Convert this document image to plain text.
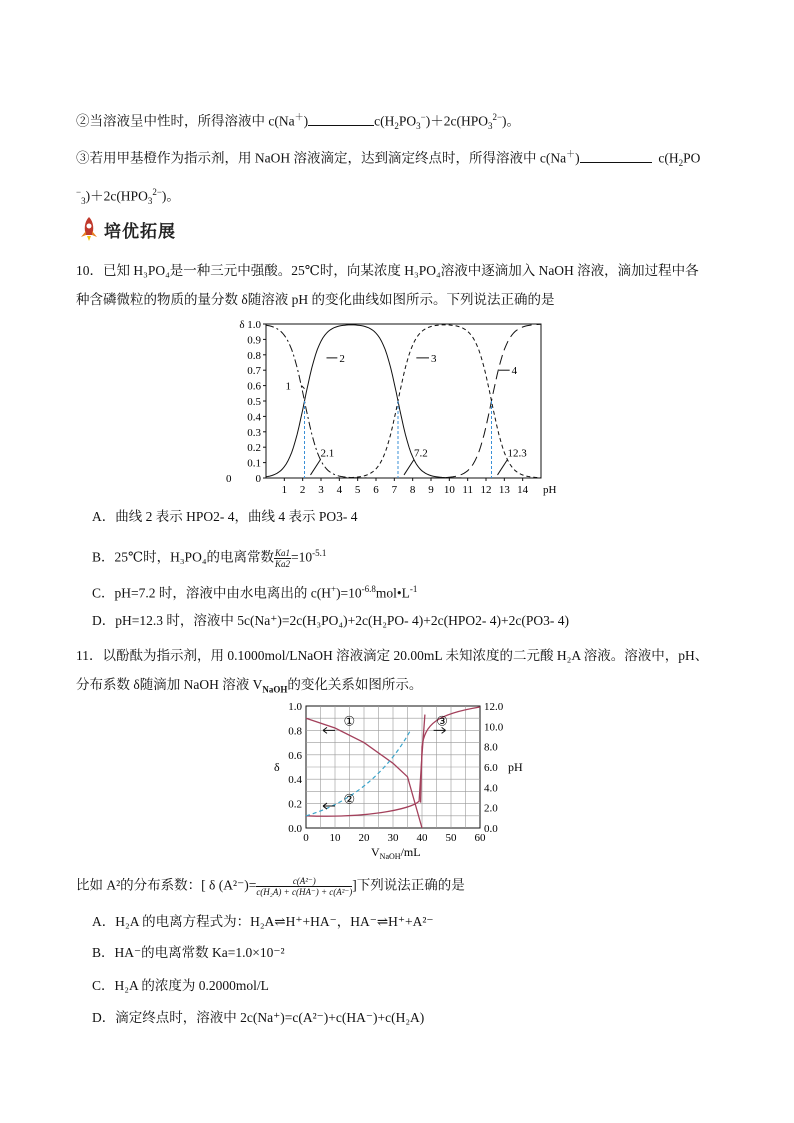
②当溶液呈中性时，所得溶液中 c(Na＋)	$c(H_2PO_3^-)+2c(HPO_3^{2-})$。
③若用甲基橙作为指示剂，用 NaOH 溶液滴定，达到滴定终点时，所得溶液中 c(Na＋)	$c(H_2PO$
$^-_3)+2c(HPO_3^{2-})$。
培优拓展
10．已知 H₃PO₄是一种三元中强酸。25℃时，向某浓度 H₃PO₄溶液中逐滴加入 NaOH 溶液，滴加过程中各
种含磷微粒的物质的量分数 δ随溶液 pH 的变化曲线如图所示。下列说法正确的是
0
0.1
0.2
0.3
0.4
0.5
0.6
0.7
0.8
0.9
δ 1.0
1 2 3 4 5 6 7 8 9 10 11 12 13 14
0
pH
2.1	7.2	12.3
1
2	3
4
A．曲线 2 表示 HPO2- 4，曲线 4 表示 PO3- 4
B．25℃时，H₃PO₄的电离常数 $\frac{Ka1}{Ka2}=10^{-5.1}$
C．pH=7.2 时，溶液中由水电离出的 $c(H^+)=10^{-6.8}mol•L^{-1}$
D．pH=12.3 时，溶液中 5c(Na⁺)=2c(H₃PO₄)+2c(H₂PO- 4)+2c(HPO2- 4)+2c(PO3- 4)
11．以酚酞为指示剂，用 0.1000mol/LNaOH 溶液滴定 20.00mL 未知浓度的二元酸 H₂A 溶液。溶液中，pH、
分布系数 δ随滴加 NaOH 溶液 $V_{NaOH}$的变化关系如图所示。
0.0
0.2
0.4
0.6
0.8
1.0
0.0
2.0
4.0
6.0
8.0
10.0
12.0
0 10 20 30 40 50 60
δ	pH
$V_{NaOH}/mL$
①
②
③
比如 A²的分布系数：[ δ $(A^{2-})= \frac{\text{c(A²⁻)}}{\text{c(H₂A) + c(HA⁻) + c(A²⁻)}}$]下列说法正确的是
A．H₂A 的电离方程式为：H₂A⇌H⁺+HA⁻，HA⁻⇌H⁺+A²⁻
B．HA⁻的电离常数 Ka=1.0×10⁻²
C．H₂A 的浓度为 0.2000mol/L
D．滴定终点时，溶液中 2c(Na⁺)=c(A²⁻)+c(HA⁻)+c(H₂A)
